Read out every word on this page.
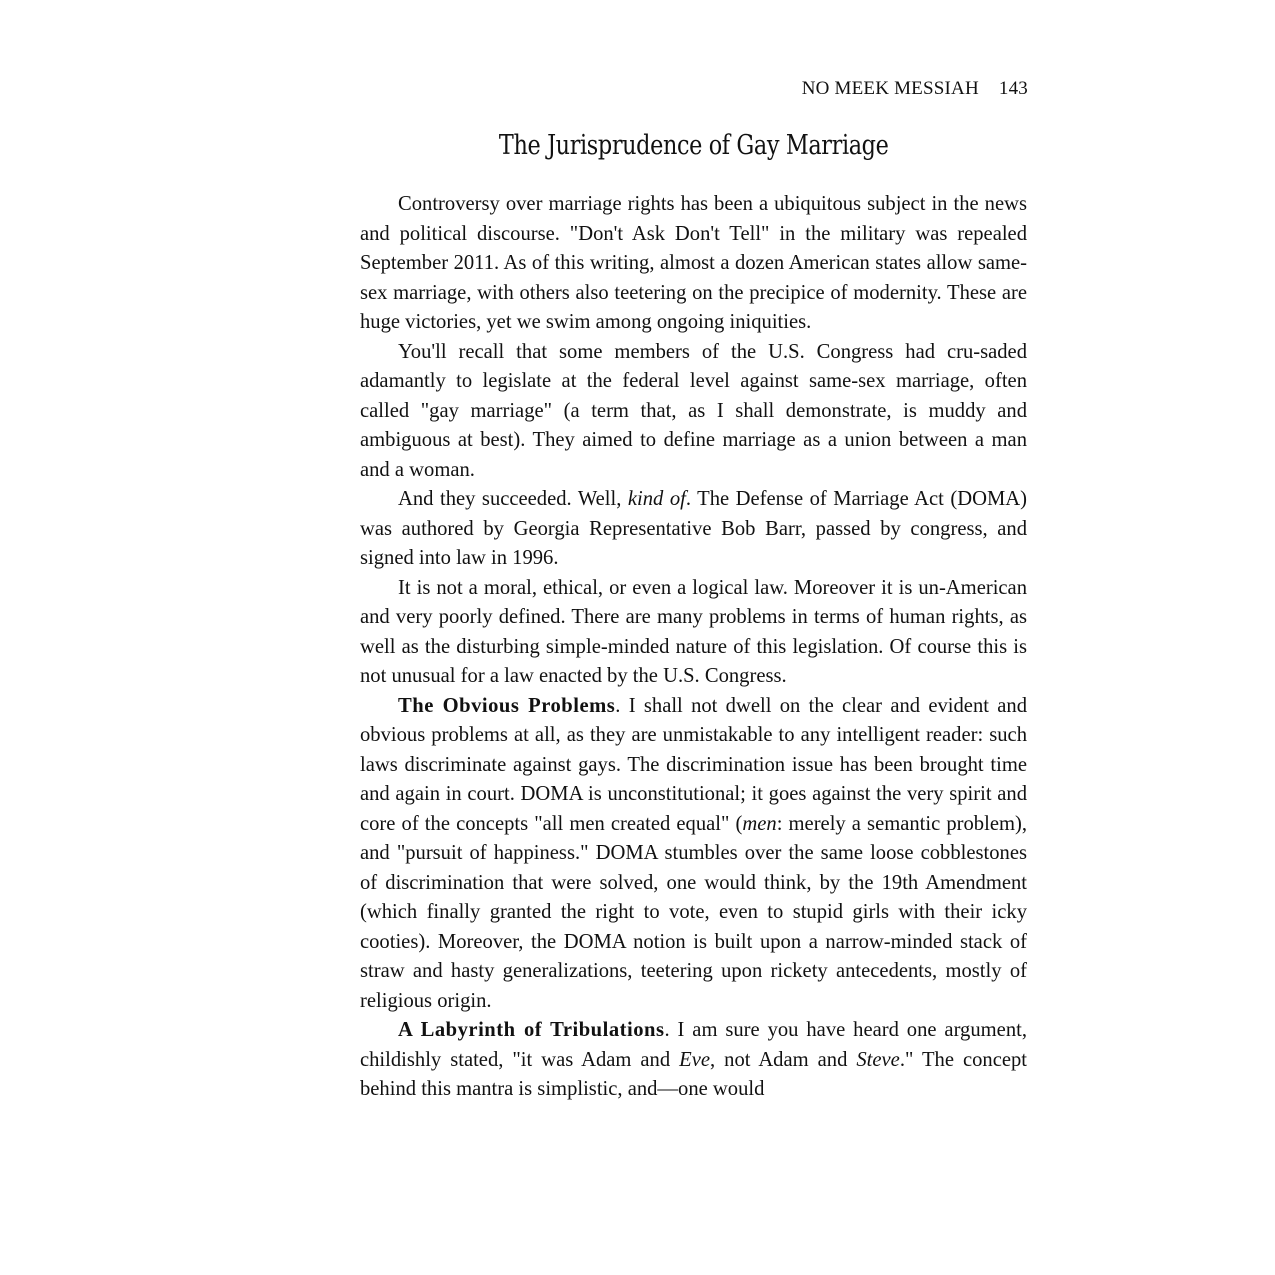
NO MEEK MESSIAH 143
The Jurisprudence of Gay Marriage

Controversy over marriage rights has been a ubiquitous subject in the news and political discourse. "Don't Ask Don't Tell" in the military was repealed September 2011. As of this writing, almost a dozen American states allow same-sex marriage, with others also teetering on the precipice of modernity. These are huge victories, yet we swim among ongoing iniquities.

You'll recall that some members of the U.S. Congress had cru-saded adamantly to legislate at the federal level against same-sex marriage, often called "gay marriage" (a term that, as I shall demonstrate, is muddy and ambiguous at best). They aimed to define marriage as a union between a man and a woman.

And they succeeded. Well, kind of. The Defense of Marriage Act (DOMA) was authored by Georgia Representative Bob Barr, passed by congress, and signed into law in 1996.

It is not a moral, ethical, or even a logical law. Moreover it is un-American and very poorly defined. There are many problems in terms of human rights, as well as the disturbing simple-minded nature of this legislation. Of course this is not unusual for a law enacted by the U.S. Congress.

The Obvious Problems. I shall not dwell on the clear and evident and obvious problems at all, as they are unmistakable to any intelligent reader: such laws discriminate against gays. The discrimination issue has been brought time and again in court. DOMA is unconstitutional; it goes against the very spirit and core of the concepts "all men created equal" (men: merely a semantic problem), and "pursuit of happiness." DOMA stumbles over the same loose cobblestones of discrimination that were solved, one would think, by the 19th Amendment (which finally granted the right to vote, even to stupid girls with their icky cooties). Moreover, the DOMA notion is built upon a narrow-minded stack of straw and hasty generalizations, teetering upon rickety antecedents, mostly of religious origin.

A Labyrinth of Tribulations. I am sure you have heard one argument, childishly stated, "it was Adam and Eve, not Adam and Steve." The concept behind this mantra is simplistic, and—one would
